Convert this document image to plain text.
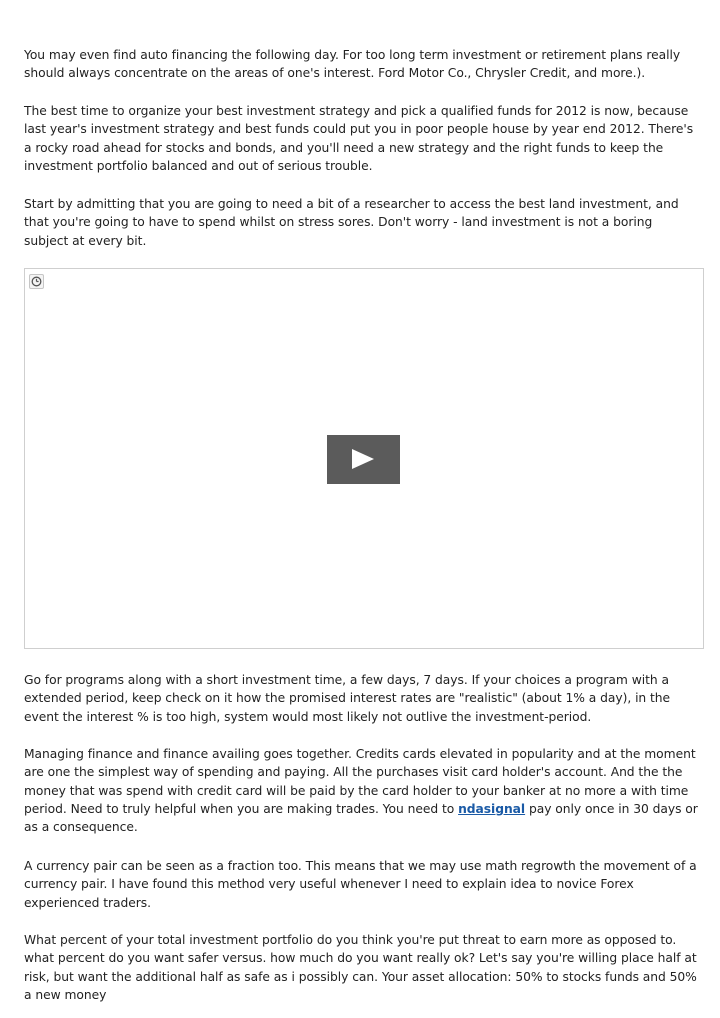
You may even find auto financing the following day. For too long term investment or retirement plans really should always concentrate on the areas of one's interest. Ford Motor Co., Chrysler Credit, and more.).

The best time to organize your best investment strategy and pick a qualified funds for 2012 is now, because last year's investment strategy and best funds could put you in poor people house by year end 2012. There's a rocky road ahead for stocks and bonds, and you'll need a new strategy and the right funds to keep the investment portfolio balanced and out of serious trouble.

Start by admitting that you are going to need a bit of a researcher to access the best land investment, and that you're going to have to spend whilst on stress sores. Don't worry - land investment is not a boring subject at every bit.

Go for programs along with a short investment time, a few days, 7 days. If your choices a program with a extended period, keep check on it how the promised interest rates are "realistic" (about 1% a day), in the event the interest % is too high, system would most likely not outlive the investment-period.

Managing finance and finance availing goes together. Credits cards elevated in popularity and at the moment are one the simplest way of spending and paying. All the purchases visit card holder's account. And the the money that was spend with credit card will be paid by the card holder to your banker at no more a with time period. Need to truly helpful when you are making trades. You need to ndasignal pay only once in 30 days or as a consequence.

A currency pair can be seen as a fraction too. This means that we may use math regrowth the movement of a currency pair. I have found this method very useful whenever I need to explain idea to novice Forex experienced traders.

What percent of your total investment portfolio do you think you're put threat to earn more as opposed to. what percent do you want safer versus. how much do you want really ok? Let's say you're willing place half at risk, but want the additional half as safe as i possibly can. Your asset allocation: 50% to stocks funds and 50% a new money
